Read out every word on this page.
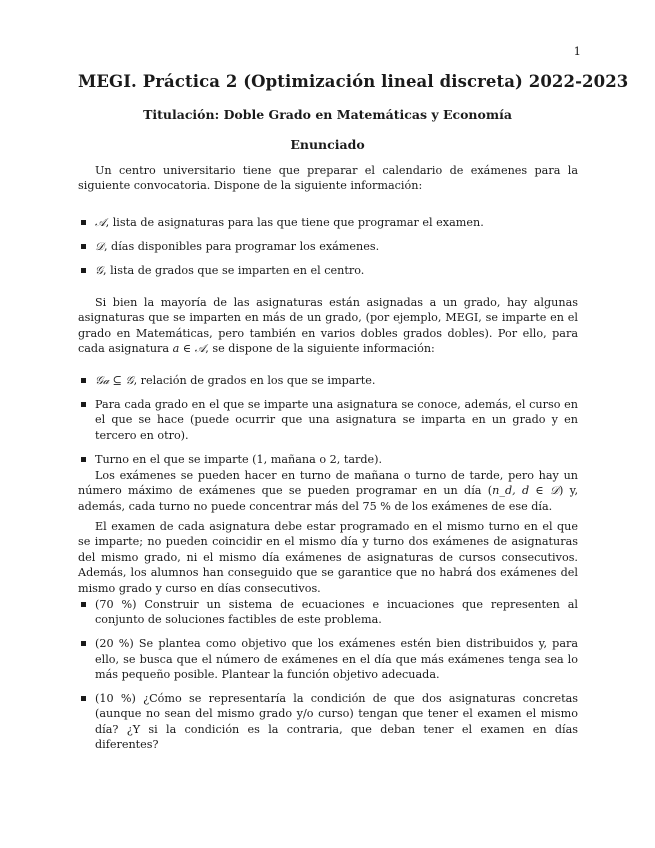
1
MEGI. Práctica 2 (Optimización lineal discreta) 2022-2023
Titulación: Doble Grado en Matemáticas y Economía
Enunciado

Un centro universitario tiene que preparar el calendario de exámenes para la siguiente convocatoria. Dispone de la siguiente información:

𝒜, lista de asignaturas para las que tiene que programar el examen.
𝒟, días disponibles para programar los exámenes.
𝒢, lista de grados que se imparten en el centro.

Si bien la mayoría de las asignaturas están asignadas a un grado, hay algunas asignaturas que se imparten en más de un grado, (por ejemplo, MEGI, se imparte en el grado en Matemáticas, pero también en varios dobles grados dobles). Por ello, para cada asignatura a ∈ 𝒜, se dispone de la siguiente información:

𝒢𝒶 ⊆ 𝒢, relación de grados en los que se imparte.
Para cada grado en el que se imparte una asignatura se conoce, además, el curso en el que se hace (puede ocurrir que una asignatura se imparta en un grado y en tercero en otro).
Turno en el que se imparte (1, mañana o 2, tarde).

Los exámenes se pueden hacer en turno de mañana o turno de tarde, pero hay un número máximo de exámenes que se pueden programar en un día (n_d, d ∈ 𝒟) y, además, cada turno no puede concentrar más del 75 % de los exámenes de ese día.

El examen de cada asignatura debe estar programado en el mismo turno en el que se imparte; no pueden coincidir en el mismo día y turno dos exámenes de asignaturas del mismo grado, ni el mismo día exámenes de asignaturas de cursos consecutivos. Además, los alumnos han conseguido que se garantice que no habrá dos exámenes del mismo grado y curso en días consecutivos.

(70 %) Construir un sistema de ecuaciones e incuaciones que representen al conjunto de soluciones factibles de este problema.
(20 %) Se plantea como objetivo que los exámenes estén bien distribuidos y, para ello, se busca que el número de exámenes en el día que más exámenes tenga sea lo más pequeño posible. Plantear la función objetivo adecuada.
(10 %) ¿Cómo se representaría la condición de que dos asignaturas concretas (aunque no sean del mismo grado y/o curso) tengan que tener el examen el mismo día? ¿Y si la condición es la contraria, que deban tener el examen en días diferentes?
